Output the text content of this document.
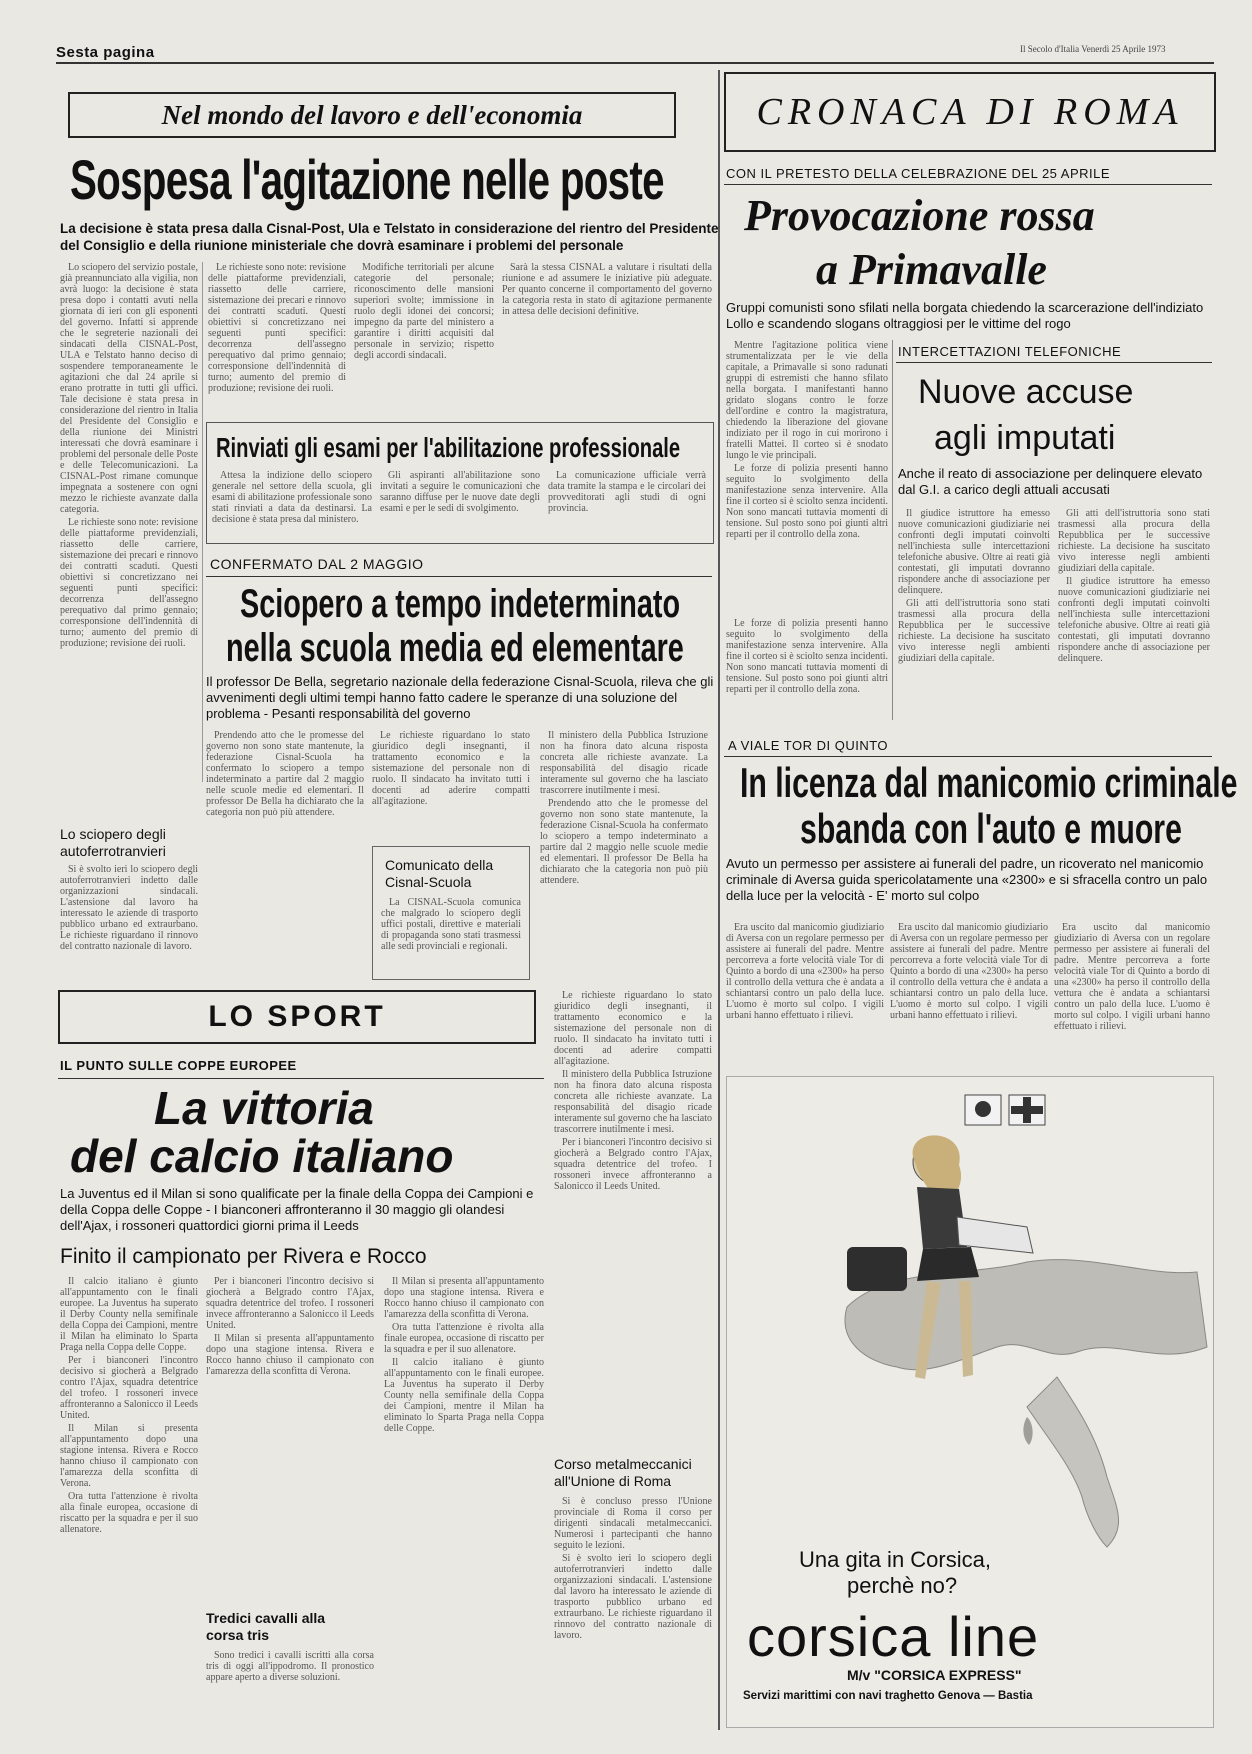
Sesta pagina	Il Secolo d'Italia Venerdì 25 Aprile 1973
Nel mondo del lavoro e dell'economia
Sospesa l'agitazione nelle poste
La decisione è stata presa dalla Cisnal-Post, Ula e Telstato in considerazione del rientro del Presidente del Consiglio e della riunione ministeriale che dovrà esaminare i problemi del personale

Lo sciopero del servizio postale, già preannunciato alla vigilia, non avrà luogo: la decisione è stata presa dopo i contatti avuti nella giornata di ieri con gli esponenti del governo. Infatti si apprende che le segreterie nazionali dei sindacati della CISNAL-Post, ULA e Telstato hanno deciso di sospendere temporaneamente le agitazioni che dal 24 aprile si erano protratte in tutti gli uffici. Tale decisione è stata presa in considerazione del rientro in Italia del Presidente del Consiglio e della riunione dei Ministri interessati che dovrà esaminare i problemi del personale delle Poste e delle Telecomunicazioni. La CISNAL-Post rimane comunque impegnata a sostenere con ogni mezzo le richieste avanzate dalla categoria.

Le richieste sono note: revisione delle piattaforme previdenziali, riassetto delle carriere, sistemazione dei precari e rinnovo dei contratti scaduti. Questi obiettivi si concretizzano nei seguenti punti specifici: decorrenza dell'assegno perequativo dal primo gennaio; corresponsione dell'indennità di turno; aumento del premio di produzione; revisione dei ruoli.

Le richieste sono note: revisione delle piattaforme previdenziali, riassetto delle carriere, sistemazione dei precari e rinnovo dei contratti scaduti. Questi obiettivi si concretizzano nei seguenti punti specifici: decorrenza dell'assegno perequativo dal primo gennaio; corresponsione dell'indennità di turno; aumento del premio di produzione; revisione dei ruoli.

Modifiche territoriali per alcune categorie del personale; riconoscimento delle mansioni superiori svolte; immissione in ruolo degli idonei dei concorsi; impegno da parte del ministero a garantire i diritti acquisiti dal personale in servizio; rispetto degli accordi sindacali.

Sarà la stessa CISNAL a valutare i risultati della riunione e ad assumere le iniziative più adeguate. Per quanto concerne il comportamento del governo la categoria resta in stato di agitazione permanente in attesa delle decisioni definitive.

Rinviati gli esami per l'abilitazione professionale

Attesa la indizione dello sciopero generale nel settore della scuola, gli esami di abilitazione professionale sono stati rinviati a data da destinarsi. La decisione è stata presa dal ministero.

Gli aspiranti all'abilitazione sono invitati a seguire le comunicazioni che saranno diffuse per le nuove date degli esami e per le sedi di svolgimento.

La comunicazione ufficiale verrà data tramite la stampa e le circolari dei provveditorati agli studi di ogni provincia.

CONFERMATO DAL 2 MAGGIO
Sciopero a tempo indeterminato
nella scuola media ed elementare
Il professor De Bella, segretario nazionale della federazione Cisnal-Scuola, rileva che gli avvenimenti degli ultimi tempi hanno fatto cadere le speranze di una soluzione del problema - Pesanti responsabilità del governo

Prendendo atto che le promesse del governo non sono state mantenute, la federazione Cisnal-Scuola ha confermato lo sciopero a tempo indeterminato a partire dal 2 maggio nelle scuole medie ed elementari. Il professor De Bella ha dichiarato che la categoria non può più attendere.

Le richieste riguardano lo stato giuridico degli insegnanti, il trattamento economico e la sistemazione del personale non di ruolo. Il sindacato ha invitato tutti i docenti ad aderire compatti all'agitazione.

Comunicato della Cisnal-Scuola

La CISNAL-Scuola comunica che malgrado lo sciopero degli uffici postali, direttive e materiali di propaganda sono stati trasmessi alle sedi provinciali e regionali.

Il ministero della Pubblica Istruzione non ha finora dato alcuna risposta concreta alle richieste avanzate. La responsabilità del disagio ricade interamente sul governo che ha lasciato trascorrere inutilmente i mesi.

Prendendo atto che le promesse del governo non sono state mantenute, la federazione Cisnal-Scuola ha confermato lo sciopero a tempo indeterminato a partire dal 2 maggio nelle scuole medie ed elementari. Il professor De Bella ha dichiarato che la categoria non può più attendere.

Lo sciopero degli autoferrotranvieri

Si è svolto ieri lo sciopero degli autoferrotranvieri indetto dalle organizzazioni sindacali. L'astensione dal lavoro ha interessato le aziende di trasporto pubblico urbano ed extraurbano. Le richieste riguardano il rinnovo del contratto nazionale di lavoro.

CRONACA DI ROMA
CON IL PRETESTO DELLA CELEBRAZIONE DEL 25 APRILE
Provocazione rossa
a Primavalle
Gruppi comunisti sono sfilati nella borgata chiedendo la scarcerazione dell'indiziato Lollo e scandendo slogans oltraggiosi per le vittime del rogo

Mentre l'agitazione politica viene strumentalizzata per le vie della capitale, a Primavalle si sono radunati gruppi di estremisti che hanno sfilato nella borgata. I manifestanti hanno gridato slogans contro le forze dell'ordine e contro la magistratura, chiedendo la liberazione del giovane indiziato per il rogo in cui morirono i fratelli Mattei. Il corteo si è snodato lungo le vie principali.

Le forze di polizia presenti hanno seguito lo svolgimento della manifestazione senza intervenire. Alla fine il corteo si è sciolto senza incidenti. Non sono mancati tuttavia momenti di tensione. Sul posto sono poi giunti altri reparti per il controllo della zona.

Le forze di polizia presenti hanno seguito lo svolgimento della manifestazione senza intervenire. Alla fine il corteo si è sciolto senza incidenti. Non sono mancati tuttavia momenti di tensione. Sul posto sono poi giunti altri reparti per il controllo della zona.

INTERCETTAZIONI TELEFONICHE
Nuove accuse
agli imputati
Anche il reato di associazione per delinquere elevato dal G.I. a carico degli attuali accusati

Il giudice istruttore ha emesso nuove comunicazioni giudiziarie nei confronti degli imputati coinvolti nell'inchiesta sulle intercettazioni telefoniche abusive. Oltre ai reati già contestati, gli imputati dovranno rispondere anche di associazione per delinquere.

Gli atti dell'istruttoria sono stati trasmessi alla procura della Repubblica per le successive richieste. La decisione ha suscitato vivo interesse negli ambienti giudiziari della capitale.

Gli atti dell'istruttoria sono stati trasmessi alla procura della Repubblica per le successive richieste. La decisione ha suscitato vivo interesse negli ambienti giudiziari della capitale.

Il giudice istruttore ha emesso nuove comunicazioni giudiziarie nei confronti degli imputati coinvolti nell'inchiesta sulle intercettazioni telefoniche abusive. Oltre ai reati già contestati, gli imputati dovranno rispondere anche di associazione per delinquere.

A VIALE TOR DI QUINTO
In licenza dal manicomio criminale
sbanda con l'auto e muore
Avuto un permesso per assistere ai funerali del padre, un ricoverato nel manicomio criminale di Aversa guida spericolatamente una «2300» e si sfracella contro un palo della luce per la velocità - E' morto sul colpo

Era uscito dal manicomio giudiziario di Aversa con un regolare permesso per assistere ai funerali del padre. Mentre percorreva a forte velocità viale Tor di Quinto a bordo di una «2300» ha perso il controllo della vettura che è andata a schiantarsi contro un palo della luce. L'uomo è morto sul colpo. I vigili urbani hanno effettuato i rilievi.

Era uscito dal manicomio giudiziario di Aversa con un regolare permesso per assistere ai funerali del padre. Mentre percorreva a forte velocità viale Tor di Quinto a bordo di una «2300» ha perso il controllo della vettura che è andata a schiantarsi contro un palo della luce. L'uomo è morto sul colpo. I vigili urbani hanno effettuato i rilievi.

Era uscito dal manicomio giudiziario di Aversa con un regolare permesso per assistere ai funerali del padre. Mentre percorreva a forte velocità viale Tor di Quinto a bordo di una «2300» ha perso il controllo della vettura che è andata a schiantarsi contro un palo della luce. L'uomo è morto sul colpo. I vigili urbani hanno effettuato i rilievi.

Una gita in Corsica,
perchè no?
corsica line
M/v "CORSICA EXPRESS"
Servizi marittimi con navi traghetto Genova — Bastia
LO SPORT
IL PUNTO SULLE COPPE EUROPEE
La vittoria
del calcio italiano
La Juventus ed il Milan si sono qualificate per la finale della Coppa dei Campioni e della Coppa delle Coppe - I bianconeri affronteranno il 30 maggio gli olandesi dell'Ajax, i rossoneri quattordici giorni prima il Leeds
Finito il campionato per Rivera e Rocco

Il calcio italiano è giunto all'appuntamento con le finali europee. La Juventus ha superato il Derby County nella semifinale della Coppa dei Campioni, mentre il Milan ha eliminato lo Sparta Praga nella Coppa delle Coppe.

Per i bianconeri l'incontro decisivo si giocherà a Belgrado contro l'Ajax, squadra detentrice del trofeo. I rossoneri invece affronteranno a Salonicco il Leeds United.

Il Milan si presenta all'appuntamento dopo una stagione intensa. Rivera e Rocco hanno chiuso il campionato con l'amarezza della sconfitta di Verona.

Ora tutta l'attenzione è rivolta alla finale europea, occasione di riscatto per la squadra e per il suo allenatore.

Per i bianconeri l'incontro decisivo si giocherà a Belgrado contro l'Ajax, squadra detentrice del trofeo. I rossoneri invece affronteranno a Salonicco il Leeds United.

Il Milan si presenta all'appuntamento dopo una stagione intensa. Rivera e Rocco hanno chiuso il campionato con l'amarezza della sconfitta di Verona.

Tredici cavalli alla corsa tris

Sono tredici i cavalli iscritti alla corsa tris di oggi all'ippodromo. Il pronostico appare aperto a diverse soluzioni.

Il Milan si presenta all'appuntamento dopo una stagione intensa. Rivera e Rocco hanno chiuso il campionato con l'amarezza della sconfitta di Verona.

Ora tutta l'attenzione è rivolta alla finale europea, occasione di riscatto per la squadra e per il suo allenatore.

Il calcio italiano è giunto all'appuntamento con le finali europee. La Juventus ha superato il Derby County nella semifinale della Coppa dei Campioni, mentre il Milan ha eliminato lo Sparta Praga nella Coppa delle Coppe.

Le richieste riguardano lo stato giuridico degli insegnanti, il trattamento economico e la sistemazione del personale non di ruolo. Il sindacato ha invitato tutti i docenti ad aderire compatti all'agitazione.

Il ministero della Pubblica Istruzione non ha finora dato alcuna risposta concreta alle richieste avanzate. La responsabilità del disagio ricade interamente sul governo che ha lasciato trascorrere inutilmente i mesi.

Per i bianconeri l'incontro decisivo si giocherà a Belgrado contro l'Ajax, squadra detentrice del trofeo. I rossoneri invece affronteranno a Salonicco il Leeds United.

Corso metalmeccanici all'Unione di Roma

Si è concluso presso l'Unione provinciale di Roma il corso per dirigenti sindacali metalmeccanici. Numerosi i partecipanti che hanno seguito le lezioni.

Si è svolto ieri lo sciopero degli autoferrotranvieri indetto dalle organizzazioni sindacali. L'astensione dal lavoro ha interessato le aziende di trasporto pubblico urbano ed extraurbano. Le richieste riguardano il rinnovo del contratto nazionale di lavoro.
